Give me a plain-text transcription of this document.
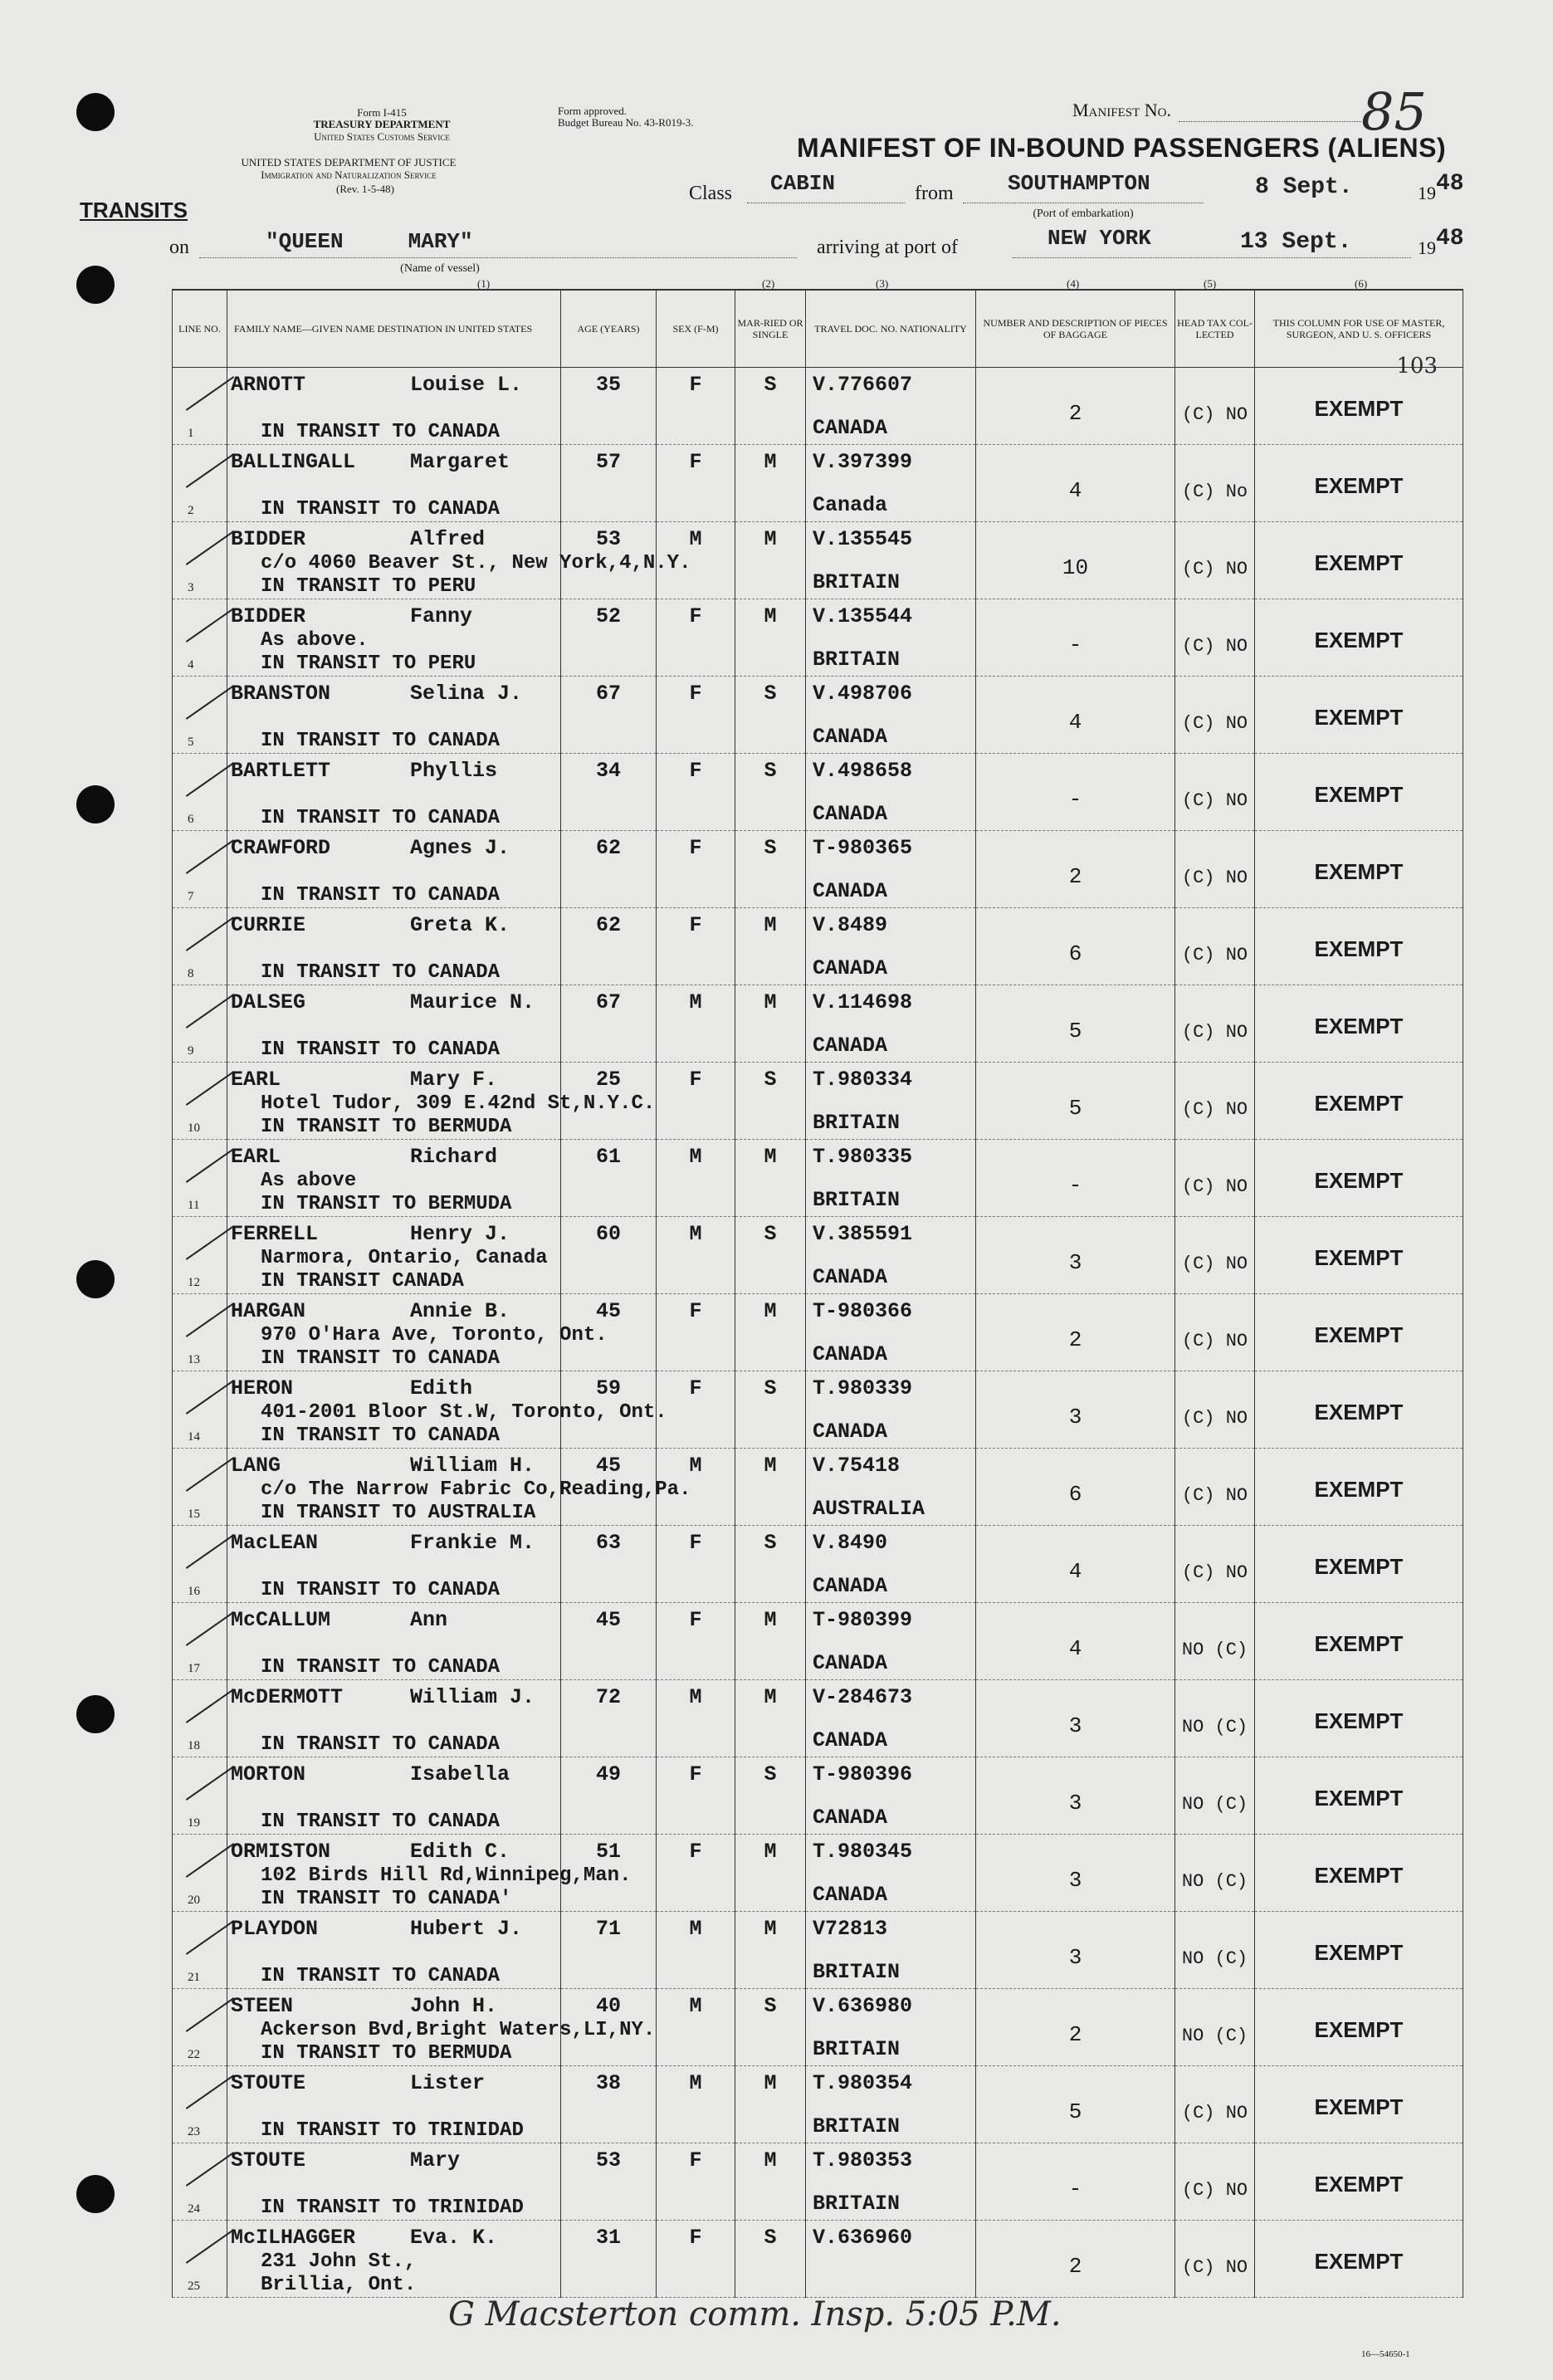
Form I-415
TREASURY DEPARTMENT
United States Customs Service
UNITED STATES DEPARTMENT OF JUSTICE
Immigration and Naturalization Service
(Rev. 1-5-48)
Form approved.
Budget Bureau No. 43-R019-3.
TRANSITS
Manifest No.	85
MANIFEST OF IN-BOUND PASSENGERS (ALIENS)
Class CABIN	from	SOUTHAMPTON
(Port of embarkation)
8 Sept.	19 48
on	"QUEEN     MARY"
(Name of vessel)
arriving at port of	NEW YORK	13 Sept.	19 48
(1)	(2)	(3)	(4)	(5)	(6)
LINE NO.	FAMILY NAME—GIVEN NAME DESTINATION IN UNITED STATES	AGE (YEARS)	SEX (F-M)	MAR-RIED OR SINGLE	TRAVEL DOC. NO. NATIONALITY	NUMBER AND DESCRIPTION OF PIECES OF BAGGAGE	HEAD TAX COL-LECTED	THIS COLUMN FOR USE OF MASTER, SURGEON, AND U. S. OFFICERS
103

1	ARNOTT Louise L.
IN TRANSIT TO CANADA	35	F	S	V.776607
CANADA	2	(C) NO	EXEMPT

2	BALLINGALL Margaret
IN TRANSIT TO CANADA	57	F	M	V.397399
Canada	4	(C) No	EXEMPT

3	BIDDER Alfred
c/o 4060 Beaver St., New York,4,N.Y.
IN TRANSIT TO PERU	53	M	M	V.135545
BRITAIN	10	(C) NO	EXEMPT

4	BIDDER Fanny
As above.
IN TRANSIT TO PERU	52	F	M	V.135544
BRITAIN	-	(C) NO	EXEMPT

5	BRANSTON Selina J.
IN TRANSIT TO CANADA	67	F	S	V.498706
CANADA	4	(C) NO	EXEMPT

6	BARTLETT Phyllis
IN TRANSIT TO CANADA	34	F	S	V.498658
CANADA	-	(C) NO	EXEMPT

7	CRAWFORD Agnes J.
IN TRANSIT TO CANADA	62	F	S	T-980365
CANADA	2	(C) NO	EXEMPT

8	CURRIE Greta K.
IN TRANSIT TO CANADA	62	F	M	V.8489
CANADA	6	(C) NO	EXEMPT

9	DALSEG Maurice N.
IN TRANSIT TO CANADA	67	M	M	V.114698
CANADA	5	(C) NO	EXEMPT

10	EARL Mary F.
Hotel Tudor, 309 E.42nd St,N.Y.C.
IN TRANSIT TO BERMUDA	25	F	S	T.980334
BRITAIN	5	(C) NO	EXEMPT

11	EARL Richard
As above
IN TRANSIT TO BERMUDA	61	M	M	T.980335
BRITAIN	-	(C) NO	EXEMPT

12	FERRELL Henry J.
Narmora, Ontario, Canada
IN TRANSIT CANADA	60	M	S	V.385591
CANADA	3	(C) NO	EXEMPT

13	HARGAN Annie B.
970 O'Hara Ave, Toronto, Ont.
IN TRANSIT TO CANADA	45	F	M	T-980366
CANADA	2	(C) NO	EXEMPT

14	HERON Edith
401-2001 Bloor St.W, Toronto, Ont.
IN TRANSIT TO CANADA	59	F	S	T.980339
CANADA	3	(C) NO	EXEMPT

15	LANG William H.
c/o The Narrow Fabric Co,Reading,Pa.
IN TRANSIT TO AUSTRALIA	45	M	M	V.75418
AUSTRALIA	6	(C) NO	EXEMPT

16	MacLEAN Frankie M.
IN TRANSIT TO CANADA	63	F	S	V.8490
CANADA	4	(C) NO	EXEMPT

17	McCALLUM Ann
IN TRANSIT TO CANADA	45	F	M	T-980399
CANADA	4	NO (C)	EXEMPT

18	McDERMOTT William J.
IN TRANSIT TO CANADA	72	M	M	V-284673
CANADA	3	NO (C)	EXEMPT

19	MORTON Isabella
IN TRANSIT TO CANADA	49	F	S	T-980396
CANADA	3	NO (C)	EXEMPT

20	ORMISTON Edith C.
102 Birds Hill Rd,Winnipeg,Man.
IN TRANSIT TO CANADA'	51	F	M	T.980345
CANADA	3	NO (C)	EXEMPT

21	PLAYDON Hubert J.
IN TRANSIT TO CANADA	71	M	M	V72813
BRITAIN	3	NO (C)	EXEMPT

22	STEEN John H.
Ackerson Bvd,Bright Waters,LI,NY.
IN TRANSIT TO BERMUDA	40	M	S	V.636980
BRITAIN	2	NO (C)	EXEMPT

23	STOUTE Lister
IN TRANSIT TO TRINIDAD	38	M	M	T.980354
BRITAIN	5	(C) NO	EXEMPT

24	STOUTE Mary
IN TRANSIT TO TRINIDAD	53	F	M	T.980353
BRITAIN	-	(C) NO	EXEMPT

25	McILHAGGER Eva. K.
231 John St.,
Brillia, Ont.	31	F	S	V.636960	2	(C) NO	EXEMPT
G Macsterton comm. Insp. 5:05 P.M.
16—54650-1
